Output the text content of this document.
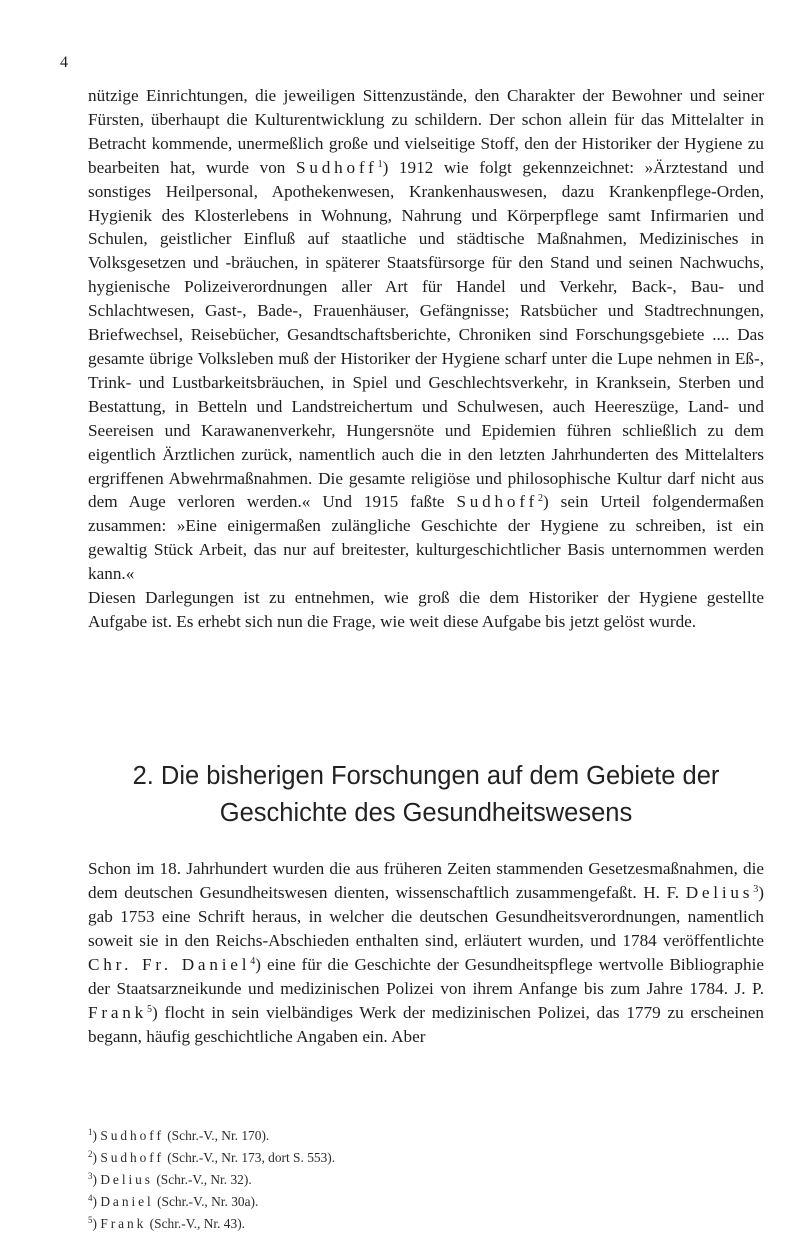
4

nützige Einrichtungen, die jeweiligen Sittenzustände, den Charakter der Bewohner und seiner Fürsten, überhaupt die Kulturentwicklung zu schildern. Der schon allein für das Mittelalter in Betracht kommende, unermeßlich große und vielseitige Stoff, den der Historiker der Hygiene zu bearbeiten hat, wurde von Sudhoff$^1$) 1912 wie folgt gekennzeichnet: »Ärztestand und sonstiges Heilpersonal, Apothekenwesen, Krankenhauswesen, dazu Krankenpflege-Orden, Hygienik des Klosterlebens in Wohnung, Nahrung und Körperpflege samt Infirmarien und Schulen, geistlicher Einfluß auf staatliche und städtische Maßnahmen, Medizinisches in Volksgesetzen und -bräuchen, in späterer Staatsfürsorge für den Stand und seinen Nachwuchs, hygienische Polizeiverordnungen aller Art für Handel und Verkehr, Back-, Bau- und Schlachtwesen, Gast-, Bade-, Frauenhäuser, Gefängnisse; Ratsbücher und Stadtrechnungen, Briefwechsel, Reisebücher, Gesandtschaftsberichte, Chroniken sind Forschungsgebiete .... Das gesamte übrige Volksleben muß der Historiker der Hygiene scharf unter die Lupe nehmen in Eß-, Trink- und Lustbarkeitsbräuchen, in Spiel und Geschlechtsverkehr, in Kranksein, Sterben und Bestattung, in Betteln und Landstreichertum und Schulwesen, auch Heereszüge, Land- und Seereisen und Karawanenverkehr, Hungersnöte und Epidemien führen schließlich zu dem eigentlich Ärztlichen zurück, namentlich auch die in den letzten Jahrhunderten des Mittelalters ergriffenen Abwehrmaßnahmen. Die gesamte religiöse und philosophische Kultur darf nicht aus dem Auge verloren werden.« Und 1915 faßte Sudhoff$^2$) sein Urteil folgendermaßen zusammen: »Eine einigermaßen zulängliche Geschichte der Hygiene zu schreiben, ist ein gewaltig Stück Arbeit, das nur auf breitester, kulturgeschichtlicher Basis unternommen werden kann.«

Diesen Darlegungen ist zu entnehmen, wie groß die dem Historiker der Hygiene gestellte Aufgabe ist. Es erhebt sich nun die Frage, wie weit diese Aufgabe bis jetzt gelöst wurde.

2. Die bisherigen Forschungen auf dem Gebiete der
Geschichte des Gesundheitswesens

Schon im 18. Jahrhundert wurden die aus früheren Zeiten stammenden Gesetzesmaßnahmen, die dem deutschen Gesundheitswesen dienten, wissenschaftlich zusammengefaßt. H. F. Delius$^3$) gab 1753 eine Schrift heraus, in welcher die deutschen Gesundheitsverordnungen, namentlich soweit sie in den Reichs-Abschieden enthalten sind, erläutert wurden, und 1784 veröffentlichte Chr. Fr. Daniel$^4$) eine für die Geschichte der Gesundheitspflege wertvolle Bibliographie der Staatsarzneikunde und medizinischen Polizei von ihrem Anfange bis zum Jahre 1784. J. P. Frank$^5$) flocht in sein vielbändiges Werk der medizinischen Polizei, das 1779 zu erscheinen begann, häufig geschichtliche Angaben ein. Aber

$^1$) Sudhoff (Schr.-V., Nr. 170).
$^2$) Sudhoff (Schr.-V., Nr. 173, dort S. 553).
$^3$) Delius (Schr.-V., Nr. 32).
$^4$) Daniel (Schr.-V., Nr. 30a).
$^5$) Frank (Schr.-V., Nr. 43).
